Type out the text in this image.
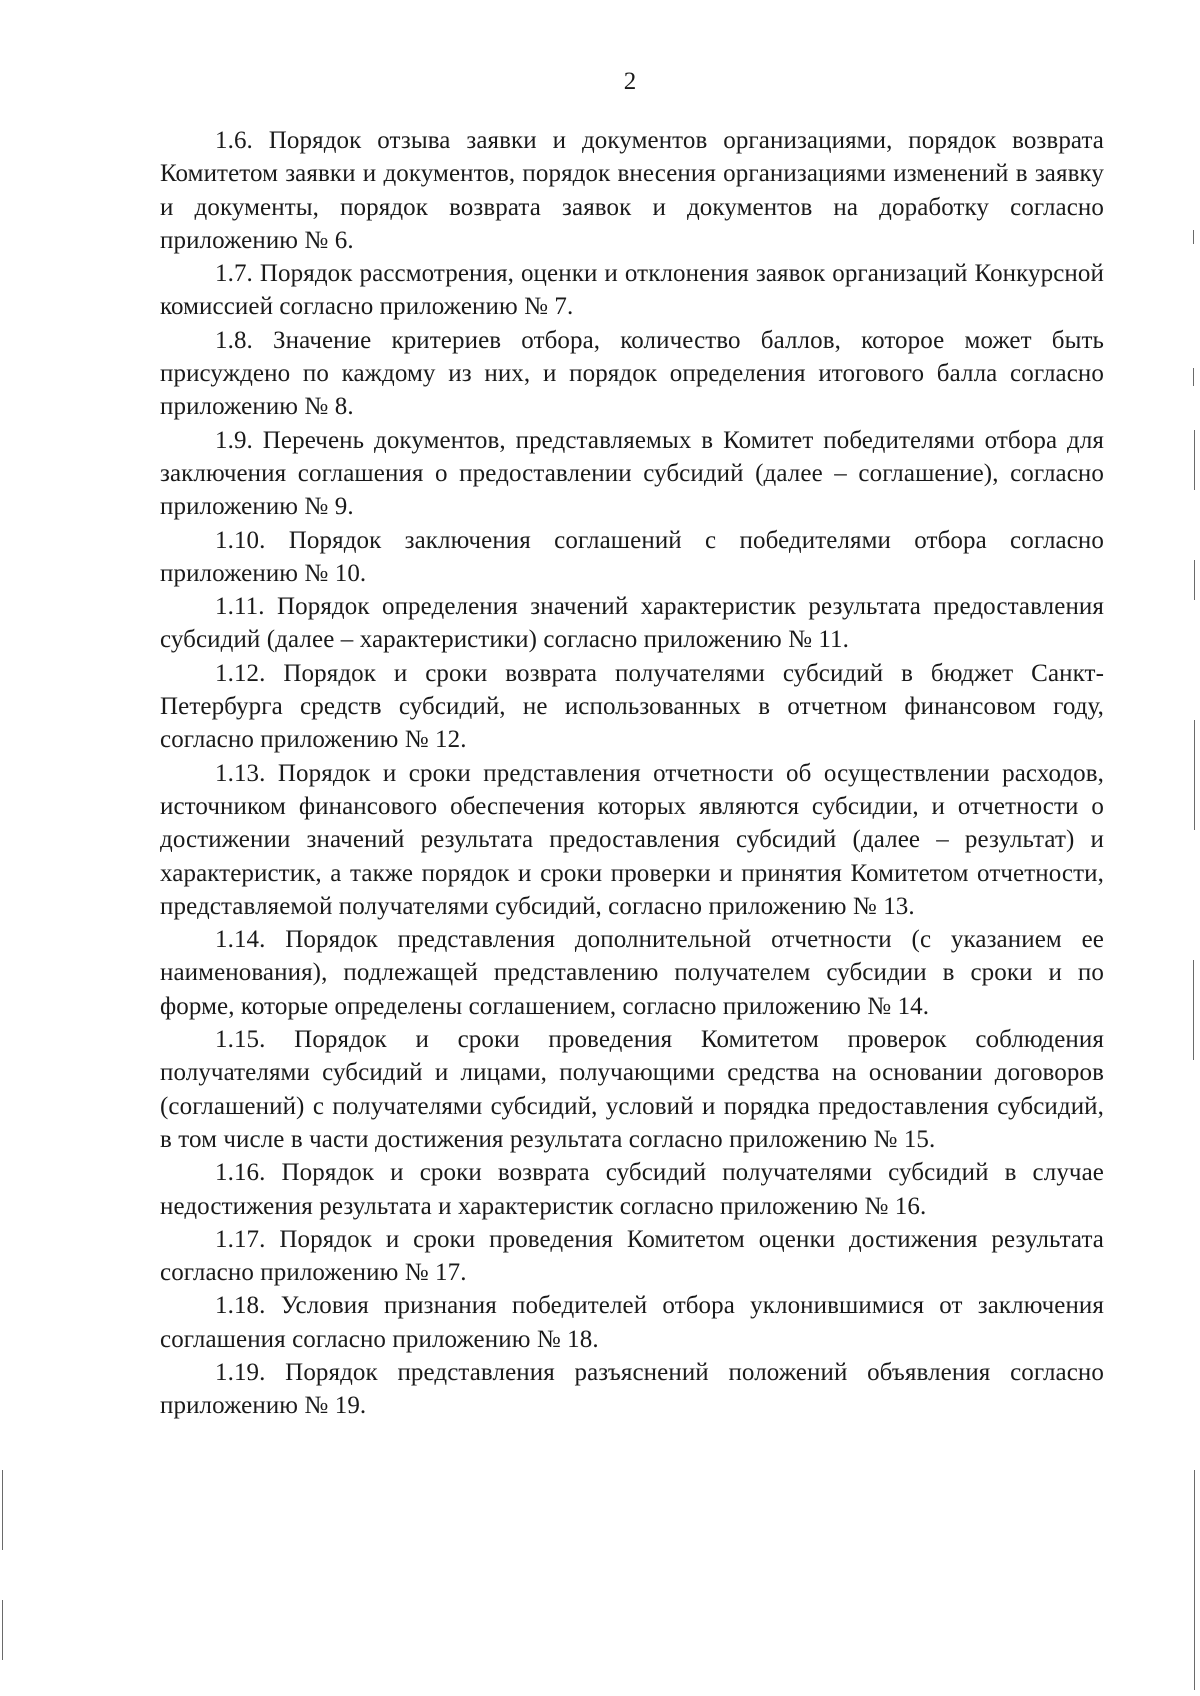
2

1.6. Порядок отзыва заявки и документов организациями, порядок возврата Комитетом заявки и документов, порядок внесения организациями изменений в заявку и документы, порядок возврата заявок и документов на доработку согласно приложению № 6.

1.7. Порядок рассмотрения, оценки и отклонения заявок организаций Конкурсной комиссией согласно приложению № 7.

1.8. Значение критериев отбора, количество баллов, которое может быть присуждено по каждому из них, и порядок определения итогового балла согласно приложению № 8.

1.9. Перечень документов, представляемых в Комитет победителями отбора для заключения соглашения о предоставлении субсидий (далее – соглашение), согласно приложению № 9.

1.10. Порядок заключения соглашений с победителями отбора согласно приложению № 10.

1.11. Порядок определения значений характеристик результата предоставления субсидий (далее – характеристики) согласно приложению № 11.

1.12. Порядок и сроки возврата получателями субсидий в бюджет Санкт-Петербурга средств субсидий, не использованных в отчетном финансовом году, согласно приложению № 12.

1.13. Порядок и сроки представления отчетности об осуществлении расходов, источником финансового обеспечения которых являются субсидии, и отчетности о достижении значений результата предоставления субсидий (далее – результат) и характеристик, а также порядок и сроки проверки и принятия Комитетом отчетности, представляемой получателями субсидий, согласно приложению № 13.

1.14. Порядок представления дополнительной отчетности (с указанием ее наименования), подлежащей представлению получателем субсидии в сроки и по форме, которые определены соглашением, согласно приложению № 14.

1.15. Порядок и сроки проведения Комитетом проверок соблюдения получателями субсидий и лицами, получающими средства на основании договоров (соглашений) с получателями субсидий, условий и порядка предоставления субсидий, в том числе в части достижения результата согласно приложению № 15.

1.16. Порядок и сроки возврата субсидий получателями субсидий в случае недостижения результата и характеристик согласно приложению № 16.

1.17. Порядок и сроки проведения Комитетом оценки достижения результата согласно приложению № 17.

1.18. Условия признания победителей отбора уклонившимися от заключения соглашения согласно приложению № 18.

1.19. Порядок представления разъяснений положений объявления согласно приложению № 19.
